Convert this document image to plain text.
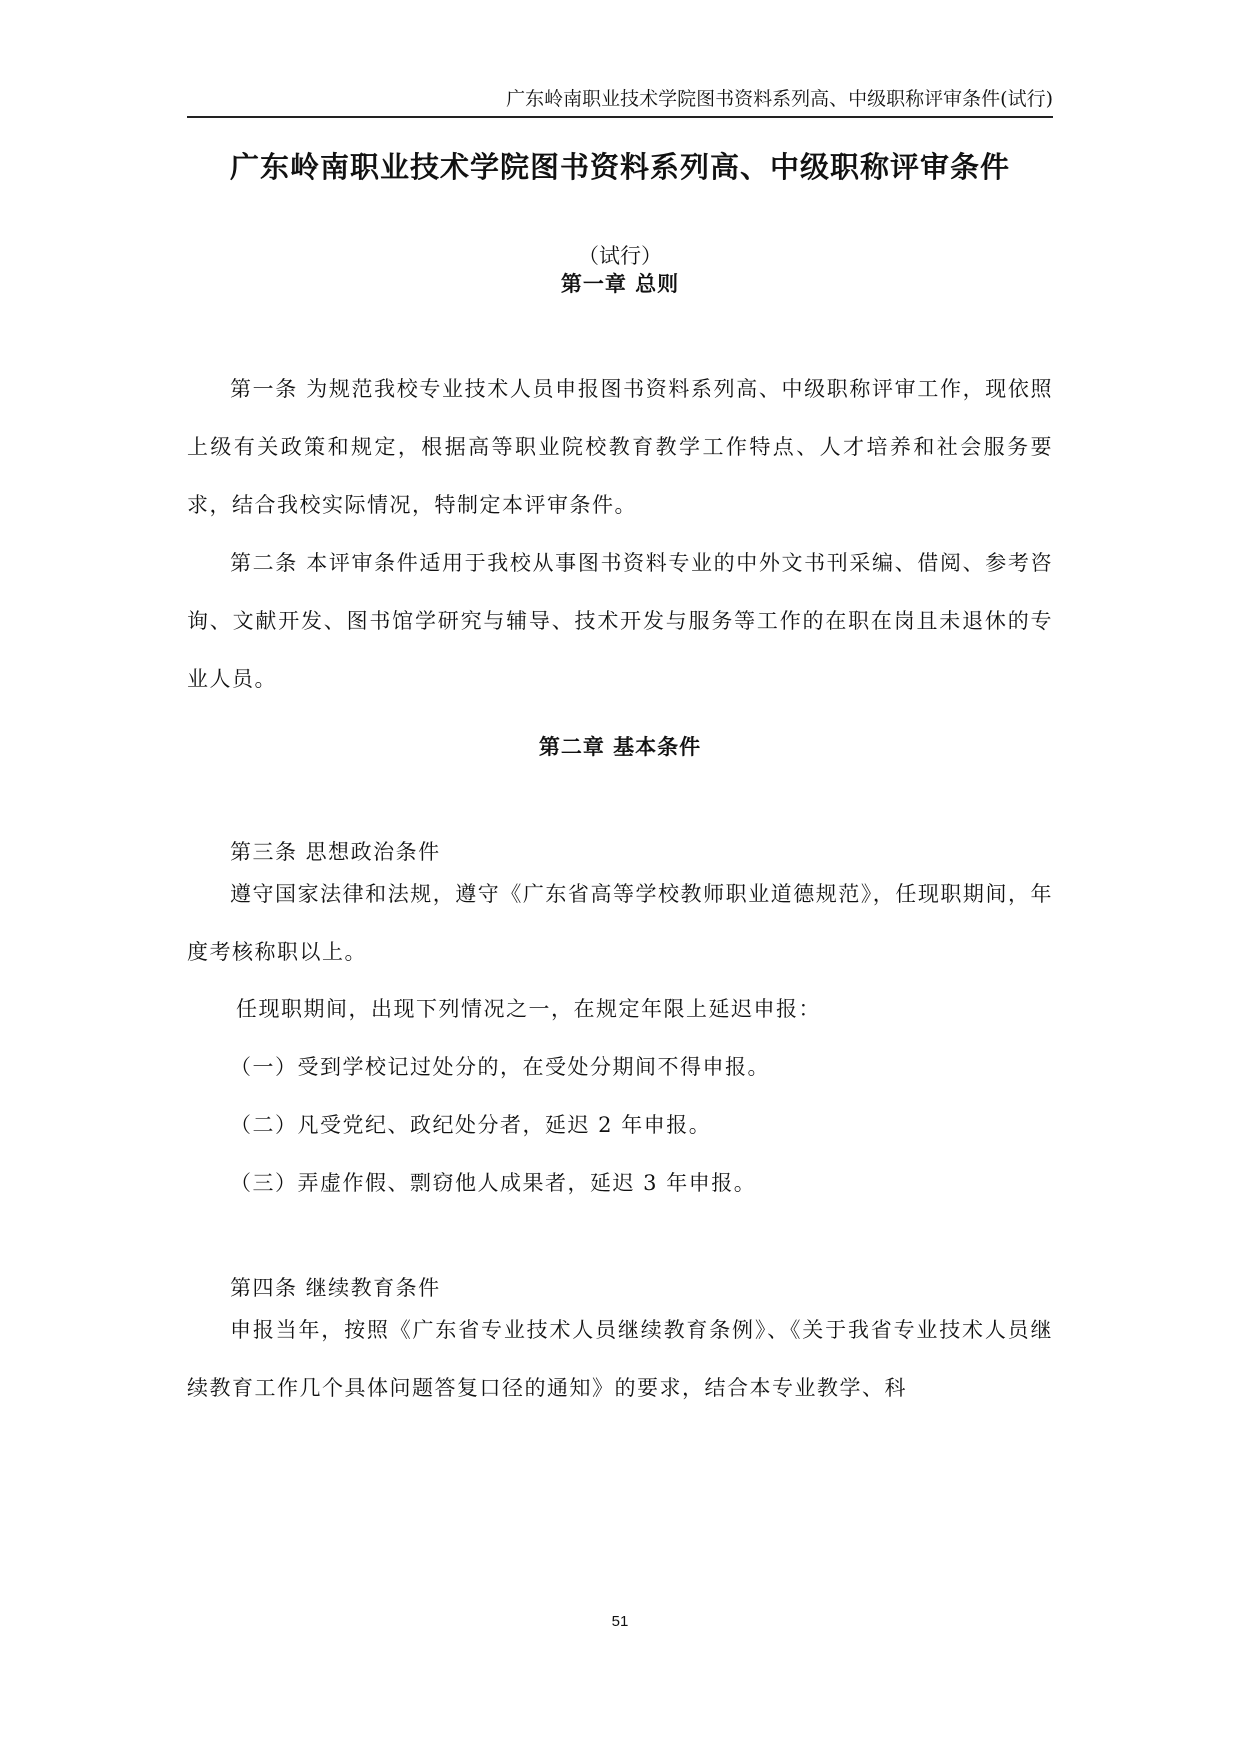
广东岭南职业技术学院图书资料系列高、中级职称评审条件(试行)
广东岭南职业技术学院图书资料系列高、中级职称评审条件
（试行）
第一章 总则

第一条 为规范我校专业技术人员申报图书资料系列高、中级职称评审工作，现依照上级有关政策和规定，根据高等职业院校教育教学工作特点、人才培养和社会服务要求，结合我校实际情况，特制定本评审条件。

第二条 本评审条件适用于我校从事图书资料专业的中外文书刊采编、借阅、参考咨询、文献开发、图书馆学研究与辅导、技术开发与服务等工作的在职在岗且未退休的专业人员。

第二章 基本条件
第三条 思想政治条件

遵守国家法律和法规，遵守《广东省高等学校教师职业道德规范》，任现职期间，年度考核称职以上。

任现职期间，出现下列情况之一，在规定年限上延迟申报：
（一）受到学校记过处分的，在受处分期间不得申报。
（二）凡受党纪、政纪处分者，延迟 2 年申报。
（三）弄虚作假、剽窃他人成果者，延迟 3 年申报。
第四条 继续教育条件

申报当年，按照《广东省专业技术人员继续教育条例》、《关于我省专业技术人员继续教育工作几个具体问题答复口径的通知》的要求，结合本专业教学、科

51
